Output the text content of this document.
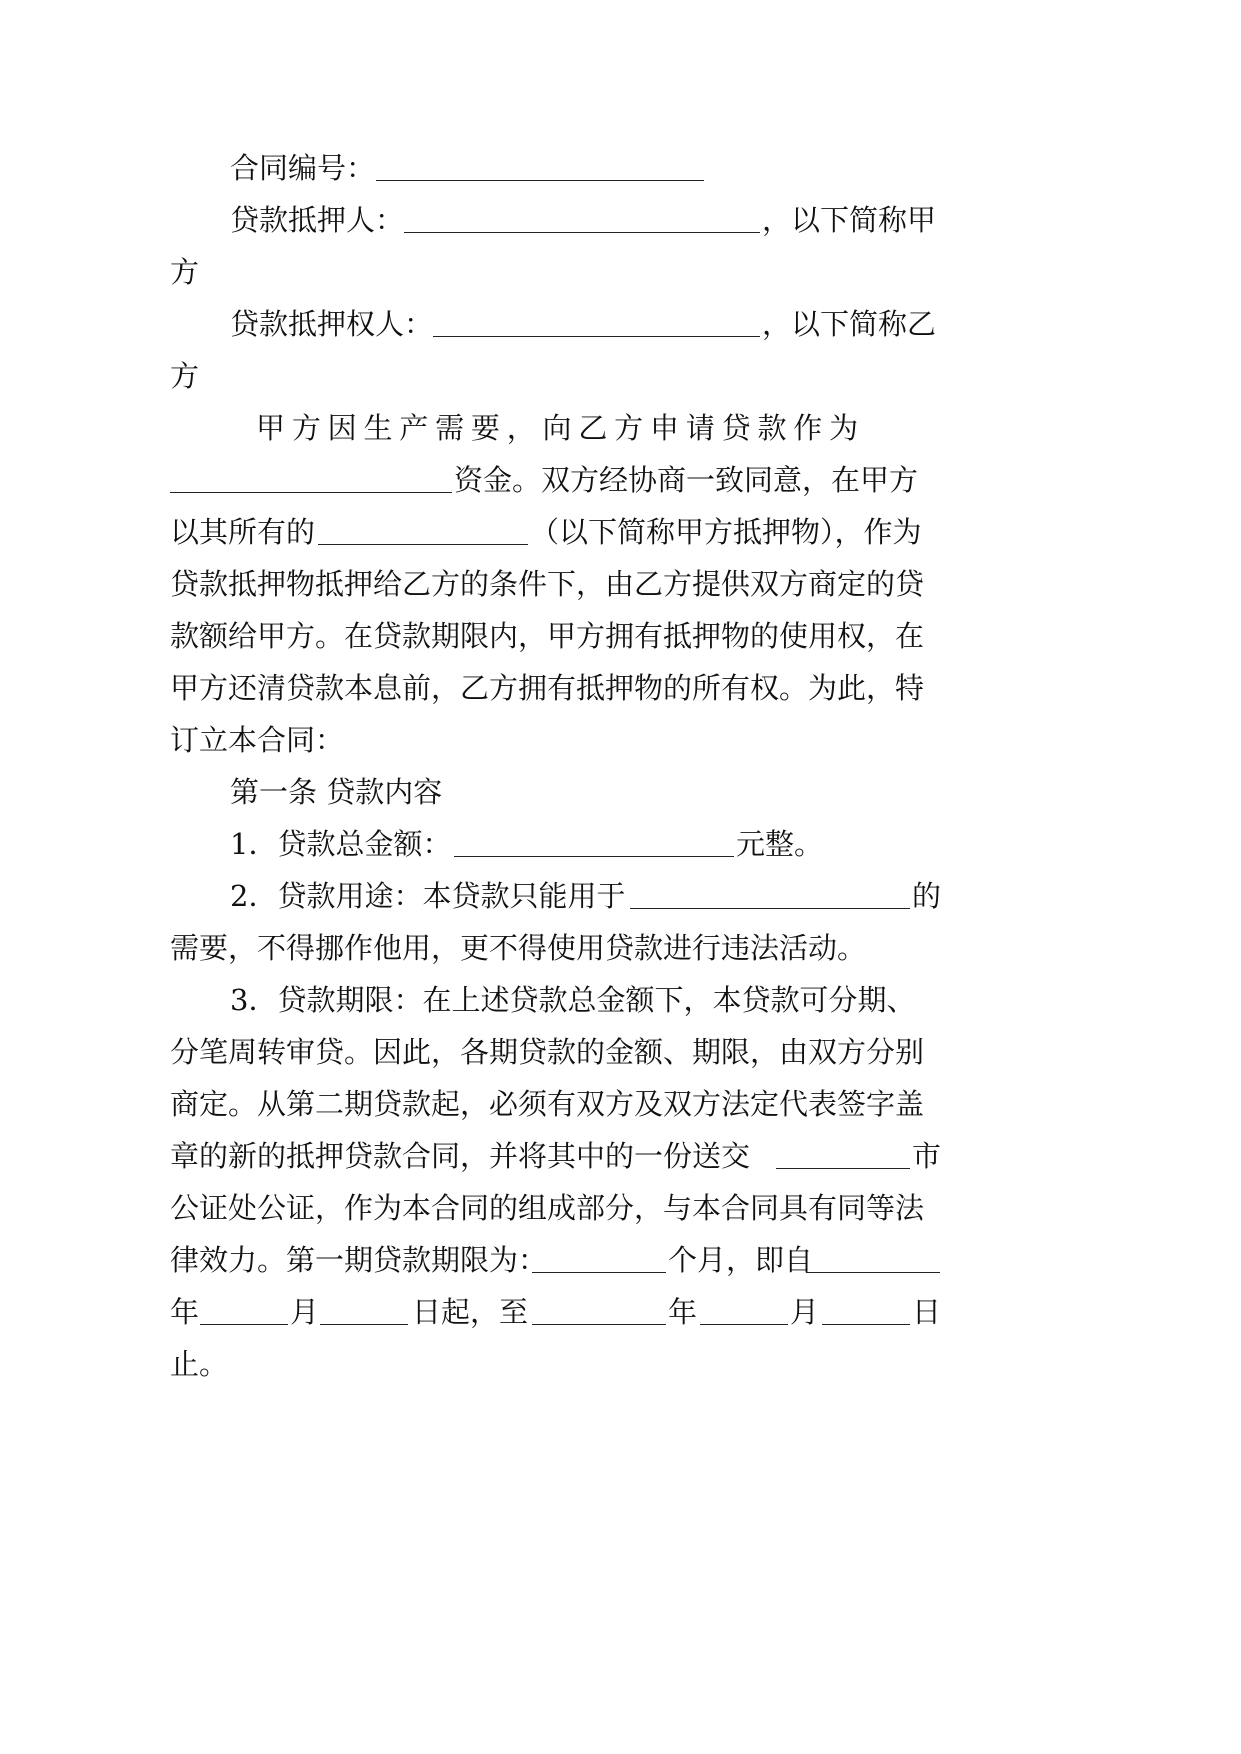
合同编号：
贷款抵押人：	，以下简称甲
方
贷款抵押权人：	，以下简称乙
方
甲 方 因 生 产 需 要 ， 向 乙 方 申 请 贷 款 作 为
资金。双方经协商一致同意，在甲方
以其所有的	（以下简称甲方抵押物），作为
贷款抵押物抵押给乙方的条件下，由乙方提供双方商定的贷
款额给甲方。在贷款期限内，甲方拥有抵押物的使用权，在
甲方还清贷款本息前，乙方拥有抵押物的所有权。为此，特
订立本合同：
第一条 贷款内容
1．贷款总金额：	元整。
2．贷款用途：本贷款只能用于	的
需要，不得挪作他用，更不得使用贷款进行违法活动。
3．贷款期限：在上述贷款总金额下，本贷款可分期、
分笔周转审贷。因此，各期贷款的金额、期限，由双方分别
商定。从第二期贷款起，必须有双方及双方法定代表签字盖
章的新的抵押贷款合同，并将其中的一份送交	市
公证处公证，作为本合同的组成部分，与本合同具有同等法
律效力。第一期贷款期限为：	个月，即自
年	月	日起，至	年	月	日
止。
